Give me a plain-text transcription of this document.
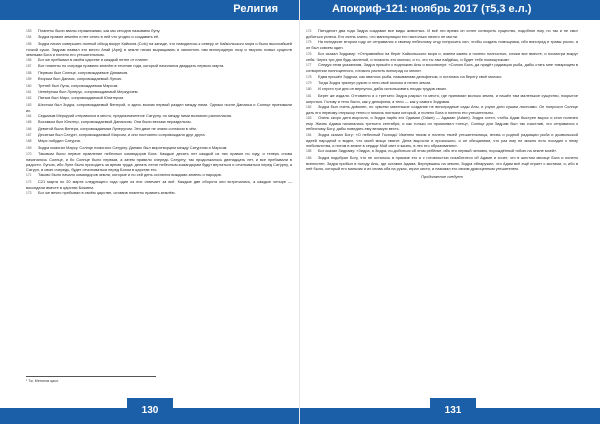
Религия

153 Планеты были званы стражниками, как мы сегодня называем Луну.

154 Зидра правил землёю и нет сеять в ней что угодно и создавать её.

155 Зидра начал совершать полный обход вокруг Кайкола (Coic) на западе, что наводилось к северу от Кайкольского моря и было высочайшей точкой суши. Зидрам назвал это место Апай (Apej) в земле начал выращивать и заполнять там виноградную лозу и творить новых существ земными Бога и полено его утешительным.

156 Бог же пребывал в своём царстве и каждый летел от планет.

157 Вот планеты по очереди правили землёю в течение года, который начинался двадцать первого марта.

158 Первым был Солнце, сопровождаемое Данаиков.

159 Вторым был Данаис, сопровождаемый Луною.

160 Третий был Луна, сопровождаемая Марсом.

161 Четвёртым был Луперус, сопровождаемый Меркурием.

162 Пятым был Марс, сопровождаемый Юпитером.

163 Шестым был Зидра, сопровождаемый Венерой, и здесь возник первый раздел между ними. Однако после Данаиса и Солнце принимали их.

164 Седьмым Меркурий отправился в место, предназначенное Сатурну, но между ними возникли разногласия.

165 Восьмым был Юпитер, сопровождаемый Данаисом. Они были весьма нераздельны.

166 Девятой была Венера, сопровождаемая Луперусом. Эти двое не знали согласия в чём.

167 Десятым был Сатурн, сопровождаемый Марсом, и они постоянно сопровождали друг друга.

168 Марс побудил Сатурна.

169 Зидра помогал Марсу. Солнце помогало Сатурну. Данаис был миротворцем между Сатурном и Марсом.

170 Таковым было первое правление небесных командоров Бога. Каждые десять лет каждый из них правил по году, и теперь снова начиналось Солнце, и бо Солнце было первым, а затем правило очередь Сатурну; так продолжалось двенадцать лет, и все пребывали в радости. Луною, ибо Луне было приходить за время труда: делать легче небесным командорам будут вертаться и отчитываться перед Сатурну, а Сатурн, в свою очередь, будет отчитываться перед Богом в царстве его.

171 Таково было начало командоров земли, которые и по сей день остаются вождями земель и народов.

172 С21 марта по 20 марта следующего года один из них отвечает за всё. Каждые две оборота они встречались, а каждые четыре — восседали вместе в царстве Божием.

173 Бог же вечно пребывал в своём царстве, оставив планеты править землёю.

¹ Тж. Метонов цикл.
130
Апокриф-121: ноябрь 2017 (т5,3 е.л.)

174 Пятьдесят два года Зидра создавал все виды животных. И всё это время он хотел сотворить существо, подобное ему, но так и не смог добиться успеха. Его очень злило, что манипуляции его настолько ничего не могли.

175 На пятидесят втором году он отправился к своему небесному отцу попросить сил, чтобы создать помощника, ибо виноград и травы росли, а он был совсем один.

176 Бог сказал Зидраму: «Отправляйся на берег Кайкольского моря и, имеем камня и полено полностью, сложи все вместе, и посмотри вокруг себя. Через три дня будь моленой, и погасить это молоко, и то, что ты там найдёшь, и будет тебе помощником».

177 Следуя этим указаниям, Зидра пришёл к подножию Апы и воскликнул: «Силою Бога, да придёт радиация рыба, дабы стать мне товарищем в сотворении полноценного, готового растить виноград со мною».

178 Едва пришёл Зидром, как явилось рыба, называемая дельфином, и осталась на берегу своё молоко.

179 Тогда Зидра тряхнул рукою и гели своё молоко в пепел земли.

180 И спустя три дня он вернулся, дабы использовать плоды трудов своих.

181 Берег же издали. Оттовинно и с третьего Зидра разрыл то место, где принимал молоко земля, и нашёл там маленькое существо, покрытое шерстью. Голову и тело было, как у дельфина, а тело — как у самого Зидрама.

182 Зидра был очень доволен, но чувство маленькое создание не виноградные сады Апы, и учуял доги сушим листьями. Он попросил Солнце дать его первому отпрыску тепло и помочь листьям который, и полено Бога и полено его утешительны.

183 Очень скоро дитя выросло, и Зидра нарёк его Одаман (Odam) — Адаман (Adam). Зидра хотел, чтобы Адам быстрее вырос и стал полезен ему. Жизнь Адама начиналась третьего сентября, и как только он промолвил «отец», Солнце дня Зидрам был так счастлив, что отправился к небесному Богу, дабы поведать ему великую весть.

184 Зидра сказал Богу: «О небесный Господь! Именем твоим и полено твоей утешительницы, вновь и родной радиации рыба и дьявольской идеей народной я видел, что моей мощи хватит. Дела выросли и произошло, и он обещаниям, что раз ему не можно есть посадил к нему любопытства, и потом в земле в сердце Мой свет и жизнь, в лес его образованию».

185 Бог сказал Зидраму: «Зидра, я Зидра, по-добиться об этом ребёнке, ибо это первый человек, порождённый тобою на земле моей».

186 Зидра подобрал Богу, что не осталось в приказе его и с готовностью позаботится об Адаме и хочет, что в шестом месяце Бога и полено всенистен. Зидра прибыл в погоду Апы, где оставил Адама. Вернувшись на землю, Зидра обнаружил, что Адам всё ещё играет с кистями, и, ибо в неё было, который его мальчик и их снова оба на руках, играл кисти, и называл его своим драгоценным утешителем.

Продолжение следует
131
